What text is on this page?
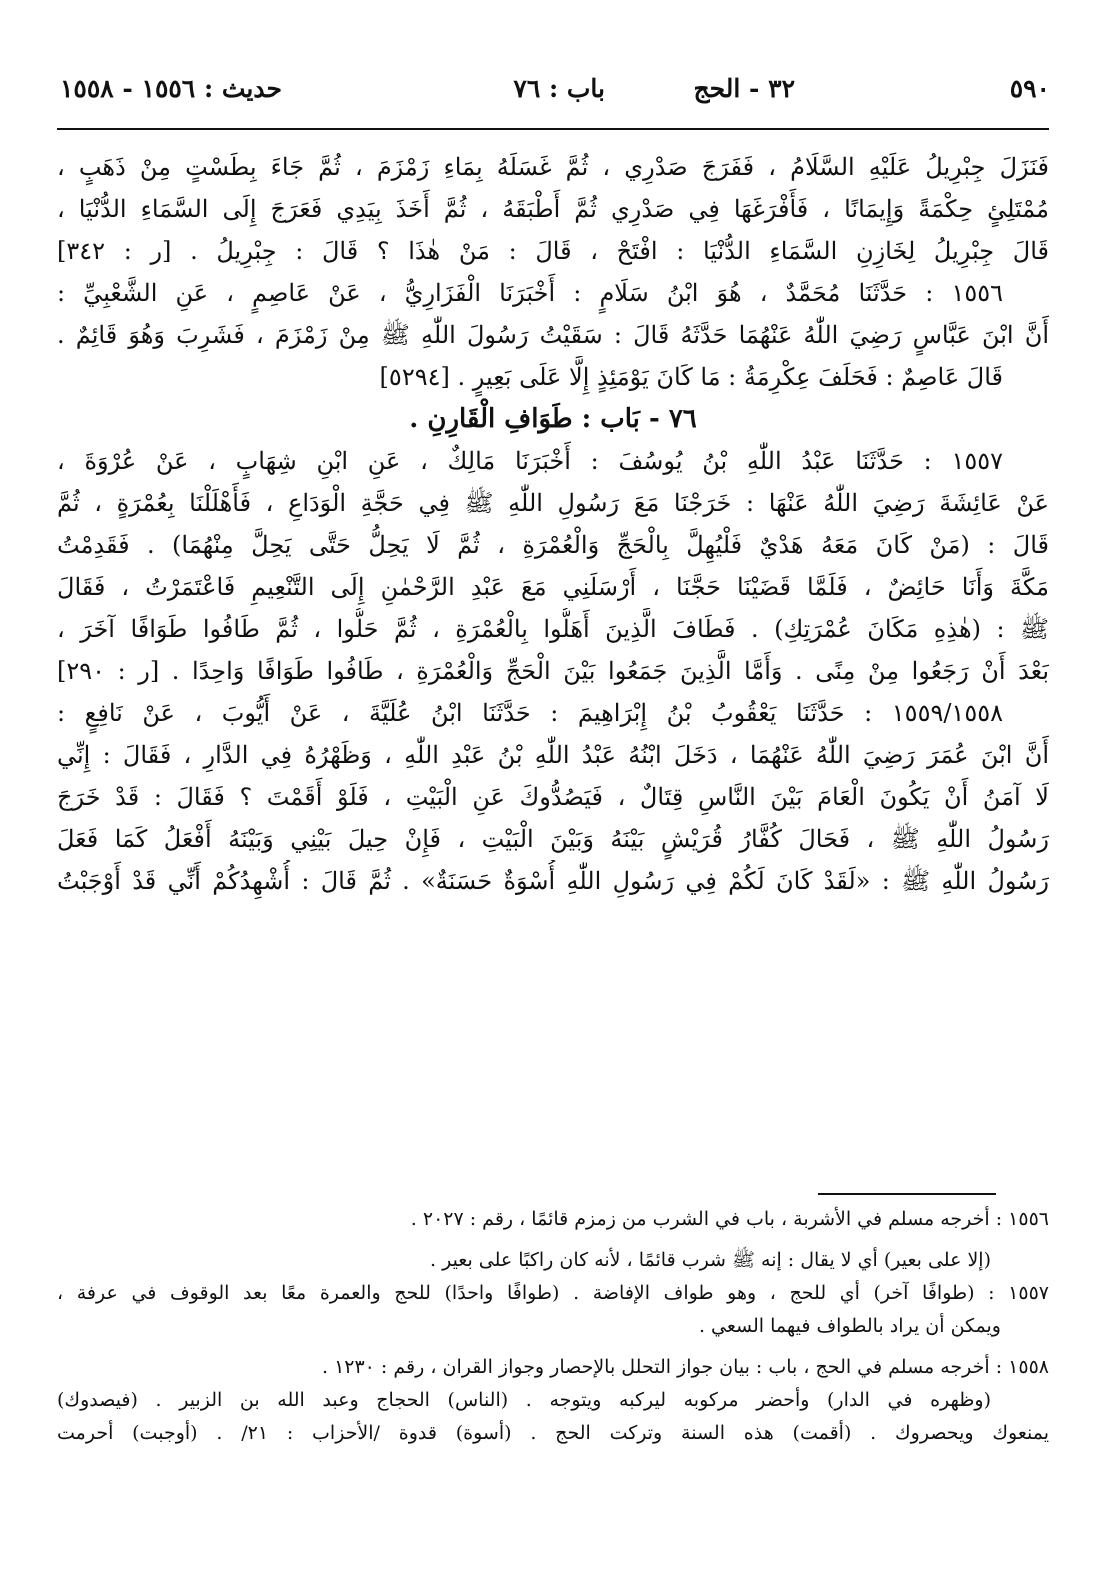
٥٩٠
٣٢ - الحج
باب : ٧٦
حديث : ١٥٥٦ - ١٥٥٨
فَنَزَلَ جِبْرِيلُ عَلَيْهِ السَّلَامُ ، فَفَرَجَ صَدْرِي ، ثُمَّ غَسَلَهُ بِمَاءِ زَمْزَمَ ، ثُمَّ جَاءَ بِطَسْتٍ مِنْ ذَهَبٍ ،
مُمْتَلِئٍ حِكْمَةً وَإِيمَانًا ، فَأَفْرَغَهَا فِي صَدْرِي ثُمَّ أَطْبَقَهُ ، ثُمَّ أَخَذَ بِيَدِي فَعَرَجَ إِلَى السَّمَاءِ الدُّنْيَا ،
قَالَ جِبْرِيلُ لِخَازِنِ السَّمَاءِ الدُّنْيَا : افْتَحْ ، قَالَ : مَنْ هٰذَا ؟ قَالَ : جِبْرِيلُ . [ر : ٣٤٢]
١٥٥٦ : حَدَّثَنَا مُحَمَّدٌ ، هُوَ ابْنُ سَلَامٍ : أَخْبَرَنَا الْفَزَارِيُّ ، عَنْ عَاصِمٍ ، عَنِ الشَّعْبِيِّ :
أَنَّ ابْنَ عَبَّاسٍ رَضِيَ اللّٰهُ عَنْهُمَا حَدَّثَهُ قَالَ : سَقَيْتُ رَسُولَ اللّٰهِ ﷺ مِنْ زَمْزَمَ ، فَشَرِبَ وَهُوَ قَائِمٌ .
قَالَ عَاصِمٌ : فَحَلَفَ عِكْرِمَةُ : مَا كَانَ يَوْمَئِذٍ إِلَّا عَلَى بَعِيرٍ . [٥٢٩٤]
٧٦ - بَاب : طَوَافِ الْقَارِنِ .
١٥٥٧ : حَدَّثَنَا عَبْدُ اللّٰهِ بْنُ يُوسُفَ : أَخْبَرَنَا مَالِكٌ ، عَنِ ابْنِ شِهَابٍ ، عَنْ عُرْوَةَ ،
عَنْ عَائِشَةَ رَضِيَ اللّٰهُ عَنْهَا : خَرَجْنَا مَعَ رَسُولِ اللّٰهِ ﷺ فِي حَجَّةِ الْوَدَاعِ ، فَأَهْلَلْنَا بِعُمْرَةٍ ، ثُمَّ
قَالَ : (مَنْ كَانَ مَعَهُ هَدْيٌ فَلْيُهِلَّ بِالْحَجِّ وَالْعُمْرَةِ ، ثُمَّ لَا يَحِلُّ حَتَّى يَحِلَّ مِنْهُمَا) . فَقَدِمْتُ
مَكَّةَ وَأَنَا حَائِضٌ ، فَلَمَّا قَضَيْنَا حَجَّنَا ، أَرْسَلَنِي مَعَ عَبْدِ الرَّحْمٰنِ إِلَى التَّنْعِيمِ فَاعْتَمَرْتُ ، فَقَالَ
ﷺ : (هٰذِهِ مَكَانَ عُمْرَتِكِ) . فَطَافَ الَّذِينَ أَهَلُّوا بِالْعُمْرَةِ ، ثُمَّ حَلُّوا ، ثُمَّ طَافُوا طَوَافًا آخَرَ ،
بَعْدَ أَنْ رَجَعُوا مِنْ مِنًى . وَأَمَّا الَّذِينَ جَمَعُوا بَيْنَ الْحَجِّ وَالْعُمْرَةِ ، طَافُوا طَوَافًا وَاحِدًا . [ر : ٢٩٠]
١٥٥٩/١٥٥٨ : حَدَّثَنَا يَعْقُوبُ بْنُ إِبْرَاهِيمَ : حَدَّثَنَا ابْنُ عُلَيَّةَ ، عَنْ أَيُّوبَ ، عَنْ نَافِعٍ :
أَنَّ ابْنَ عُمَرَ رَضِيَ اللّٰهُ عَنْهُمَا ، دَخَلَ ابْنُهُ عَبْدُ اللّٰهِ بْنُ عَبْدِ اللّٰهِ ، وَظَهْرُهُ فِي الدَّارِ ، فَقَالَ : إِنِّي
لَا آمَنُ أَنْ يَكُونَ الْعَامَ بَيْنَ النَّاسِ قِتَالٌ ، فَيَصُدُّوكَ عَنِ الْبَيْتِ ، فَلَوْ أَقَمْتَ ؟ فَقَالَ : قَدْ خَرَجَ
رَسُولُ اللّٰهِ ﷺ ، فَحَالَ كُفَّارُ قُرَيْشٍ بَيْنَهُ وَبَيْنَ الْبَيْتِ ، فَإِنْ حِيلَ بَيْنِي وَبَيْنَهُ أَفْعَلُ كَمَا فَعَلَ
رَسُولُ اللّٰهِ ﷺ : «لَقَدْ كَانَ لَكُمْ فِي رَسُولِ اللّٰهِ أُسْوَةٌ حَسَنَةٌ» . ثُمَّ قَالَ : أُشْهِدُكُمْ أَنِّي قَدْ أَوْجَبْتُ
١٥٥٦ : أخرجه مسلم في الأشربة ، باب في الشرب من زمزم قائمًا ، رقم : ٢٠٢٧ .
(إلا على بعير) أي لا يقال : إنه ﷺ شرب قائمًا ، لأنه كان راكبًا على بعير .
١٥٥٧ : (طوافًا آخر) أي للحج ، وهو طواف الإفاضة . (طوافًا واحدًا) للحج والعمرة معًا بعد الوقوف في عرفة ،
ويمكن أن يراد بالطواف فيهما السعي .
١٥٥٨ : أخرجه مسلم في الحج ، باب : بيان جواز التحلل بالإحصار وجواز القران ، رقم : ١٢٣٠ .
(وظهره في الدار) وأحضر مركوبه ليركبه ويتوجه . (الناس) الحجاج وعبد الله بن الزبير . (فيصدوك)
يمنعوك ويحصروك . (أقمت) هذه السنة وتركت الحج . (أسوة) قدوة /الأحزاب : ٢١/ . (أوجبت) أحرمت
